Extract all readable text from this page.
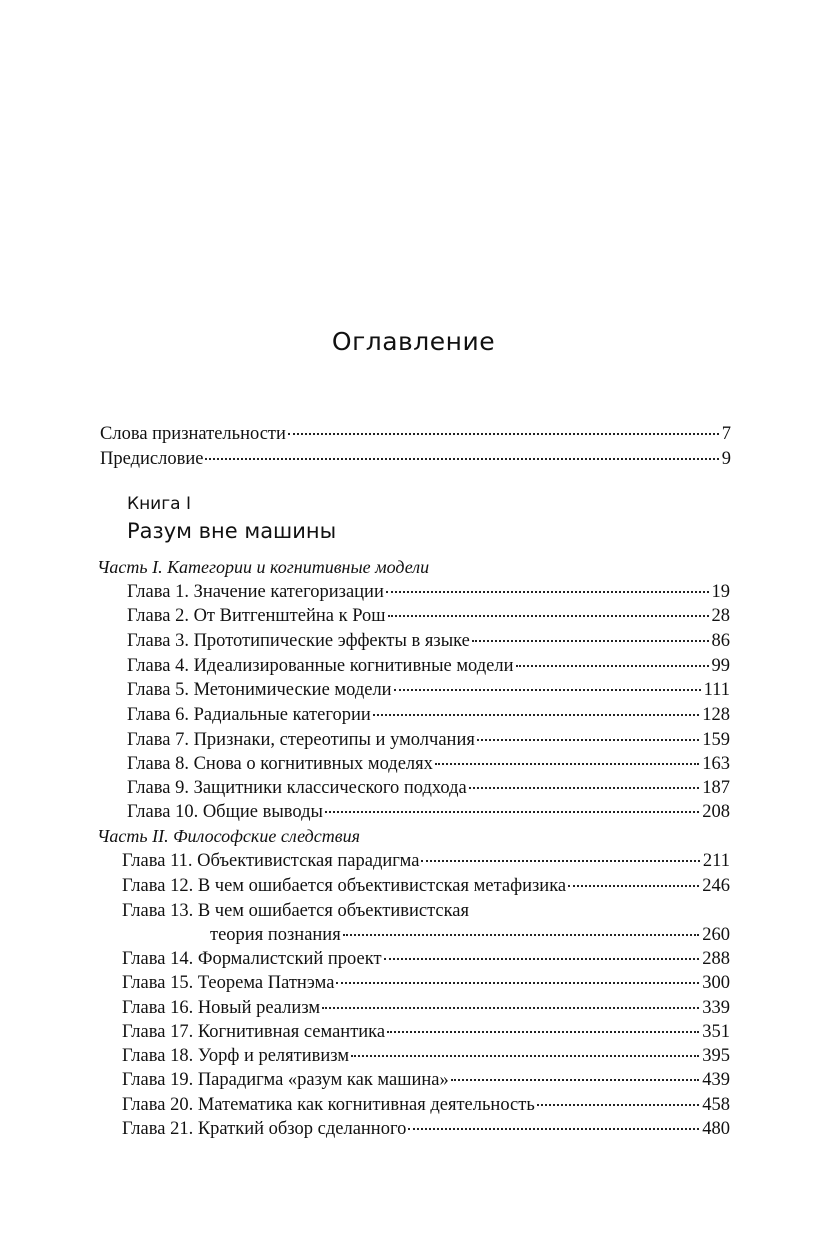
Оглавление
Слова признательности	7
Предисловие	9
Книга I
Разум вне машины
Часть I. Категории и когнитивные модели
Глава 1. Значение категоризации	19
Глава 2. От Витгенштейна к Рош	28
Глава 3. Прототипические эффекты в языке	86
Глава 4. Идеализированные когнитивные модели	99
Глава 5. Метонимические модели	111
Глава 6. Радиальные категории	128
Глава 7. Признаки, стереотипы и умолчания	159
Глава 8. Снова о когнитивных моделях	163
Глава 9. Защитники классического подхода	187
Глава 10. Общие выводы	208
Часть II. Философские следствия
Глава 11. Объективистская парадигма	211
Глава 12. В чем ошибается объективистская метафизика	246
Глава 13. В чем ошибается объективистская
теория познания	260
Глава 14. Формалистский проект	288
Глава 15. Теорема Патнэма	300
Глава 16. Новый реализм	339
Глава 17. Когнитивная семантика	351
Глава 18. Уорф и релятивизм	395
Глава 19. Парадигма «разум как машина»	439
Глава 20. Математика как когнитивная деятельность	458
Глава 21. Краткий обзор сделанного	480
